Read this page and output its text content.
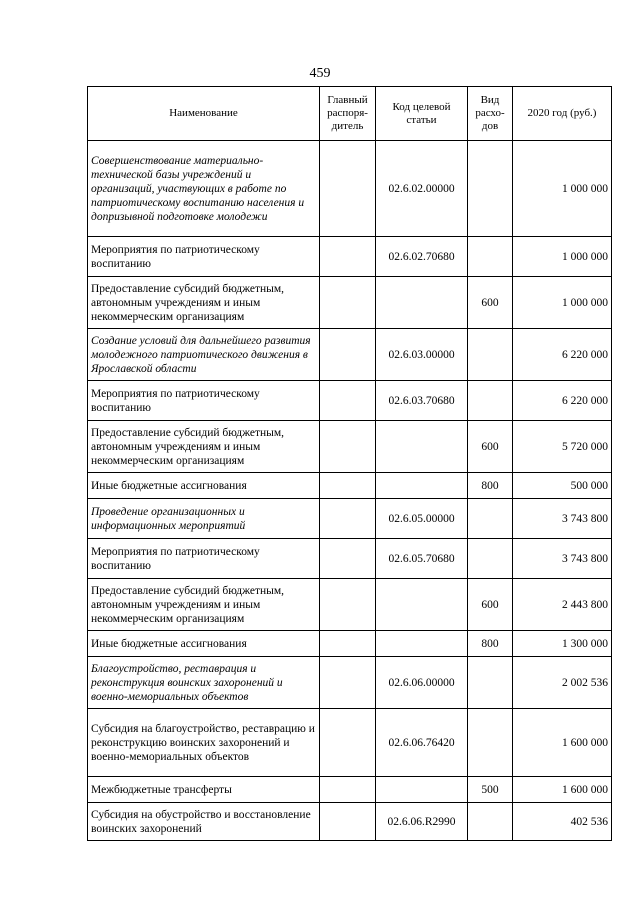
459
Наименование	Главный распоря-дитель	Код целевой статьи	Вид расхо-дов	2020 год (руб.)
Совершенствование материально-технической базы учреждений и организаций, участвующих в работе по патриотическому воспитанию населения и допризывной подготовке молодежи		02.6.02.00000		1 000 000
Мероприятия по патриотическому воспитанию		02.6.02.70680		1 000 000
Предоставление субсидий бюджетным, автономным учреждениям и иным некоммерческим организациям			600	1 000 000
Создание условий для дальнейшего развития молодежного патриотического движения в Ярославской области		02.6.03.00000		6 220 000
Мероприятия по патриотическому воспитанию		02.6.03.70680		6 220 000
Предоставление субсидий бюджетным, автономным учреждениям и иным некоммерческим организациям			600	5 720 000
Иные бюджетные ассигнования			800	500 000
Проведение организационных и информационных мероприятий		02.6.05.00000		3 743 800
Мероприятия по патриотическому воспитанию		02.6.05.70680		3 743 800
Предоставление субсидий бюджетным, автономным учреждениям и иным некоммерческим организациям			600	2 443 800
Иные бюджетные ассигнования			800	1 300 000
Благоустройство, реставрация и реконструкция воинских захоронений и военно-мемориальных объектов		02.6.06.00000		2 002 536
Субсидия на благоустройство, реставрацию и реконструкцию воинских захоронений и военно-мемориальных объектов		02.6.06.76420		1 600 000
Межбюджетные трансферты			500	1 600 000
Субсидия на обустройство и восстановление воинских захоронений		02.6.06.R2990		402 536
